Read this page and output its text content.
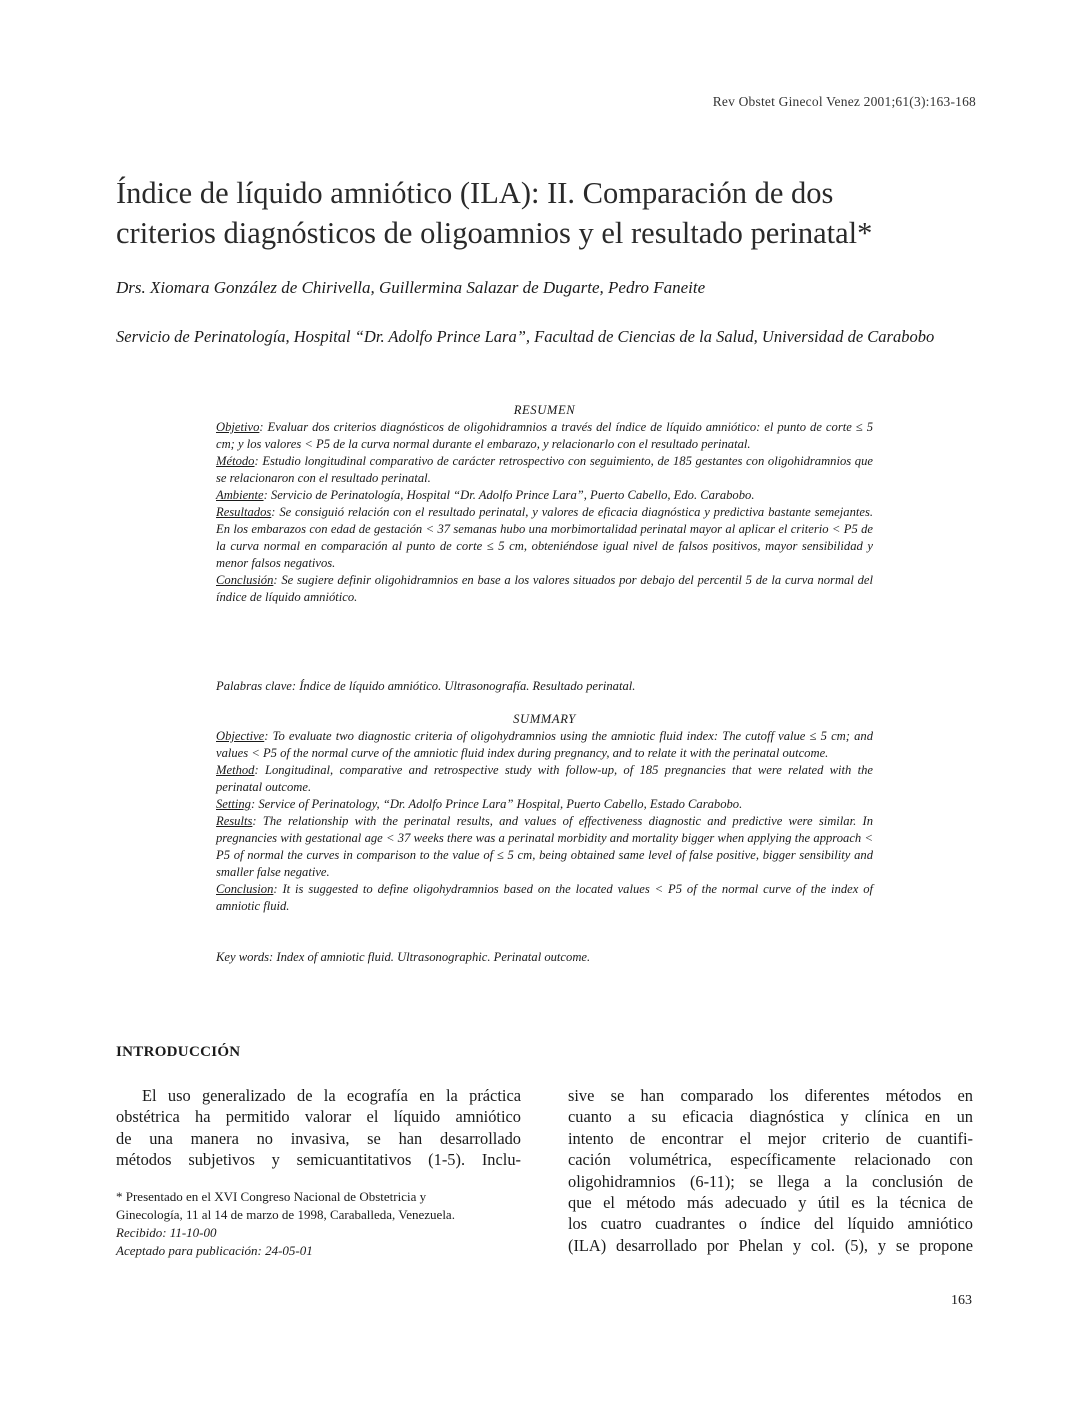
Rev Obstet Ginecol Venez 2001;61(3):163-168
Índice de líquido amniótico (ILA): II. Comparación de dos
criterios diagnósticos de oligoamnios y el resultado perinatal*
Drs. Xiomara González de Chirivella, Guillermina Salazar de Dugarte, Pedro Faneite
Servicio de Perinatología, Hospital “Dr. Adolfo Prince Lara”, Facultad de Ciencias de la Salud, Universidad de Carabobo
RESUMEN

Objetivo: Evaluar dos criterios diagnósticos de oligohidramnios a través del índice de líquido amniótico: el punto de corte ≤ 5 cm; y los valores < P5 de la curva normal durante el embarazo, y relacionarlo con el resultado perinatal.

Método: Estudio longitudinal comparativo de carácter retrospectivo con seguimiento, de 185 gestantes con oligohidramnios que se relacionaron con el resultado perinatal.

Ambiente: Servicio de Perinatología, Hospital “Dr. Adolfo Prince Lara”, Puerto Cabello, Edo. Carabobo.

Resultados: Se consiguió relación con el resultado perinatal, y valores de eficacia diagnóstica y predictiva bastante semejantes. En los embarazos con edad de gestación < 37 semanas hubo una morbimortalidad perinatal mayor al aplicar el criterio < P5 de la curva normal en comparación al punto de corte ≤ 5 cm, obteniéndose igual nivel de falsos positivos, mayor sensibilidad y menor falsos negativos.

Conclusión: Se sugiere definir oligohidramnios en base a los valores situados por debajo del percentil 5 de la curva normal del índice de líquido amniótico.

Palabras clave: Índice de líquido amniótico. Ultrasonografía. Resultado perinatal.
SUMMARY

Objective: To evaluate two diagnostic criteria of oligohydramnios using the amniotic fluid index: The cutoff value ≤ 5 cm; and values < P5 of the normal curve of the amniotic fluid index during pregnancy, and to relate it with the perinatal outcome.

Method: Longitudinal, comparative and retrospective study with follow-up, of 185 pregnancies that were related with the perinatal outcome.

Setting: Service of Perinatology, “Dr. Adolfo Prince Lara” Hospital, Puerto Cabello, Estado Carabobo.

Results: The relationship with the perinatal results, and values of effectiveness diagnostic and predictive were similar. In pregnancies with gestational age < 37 weeks there was a perinatal morbidity and mortality bigger when applying the approach < P5 of normal the curves in comparison to the value of ≤ 5 cm, being obtained same level of false positive, bigger sensibility and smaller false negative.

Conclusion: It is suggested to define oligohydramnios based on the located values < P5 of the normal curve of the index of amniotic fluid.

Key words: Index of amniotic fluid. Ultrasonographic. Perinatal outcome.
INTRODUCCIÓN
El uso generalizado de la ecografía en la práctica
obstétrica ha permitido valorar el líquido amniótico
de una manera no invasiva, se han desarrollado
métodos subjetivos y semicuantitativos (1-5). Inclu-
sive se han comparado los diferentes métodos en
cuanto a su eficacia diagnóstica y clínica en un
intento de encontrar el mejor criterio de cuantifi-
cación volumétrica, específicamente relacionado con
oligohidramnios (6-11); se llega a la conclusión de
que el método más adecuado y útil es la técnica de
los cuatro cuadrantes o índice del líquido amniótico
(ILA) desarrollado por Phelan y col. (5), y se propone
* Presentado en el XVI Congreso Nacional de Obstetricia y
Ginecología, 11 al 14 de marzo de 1998, Caraballeda, Venezuela.
Recibido: 11-10-00
Aceptado para publicación: 24-05-01
163
